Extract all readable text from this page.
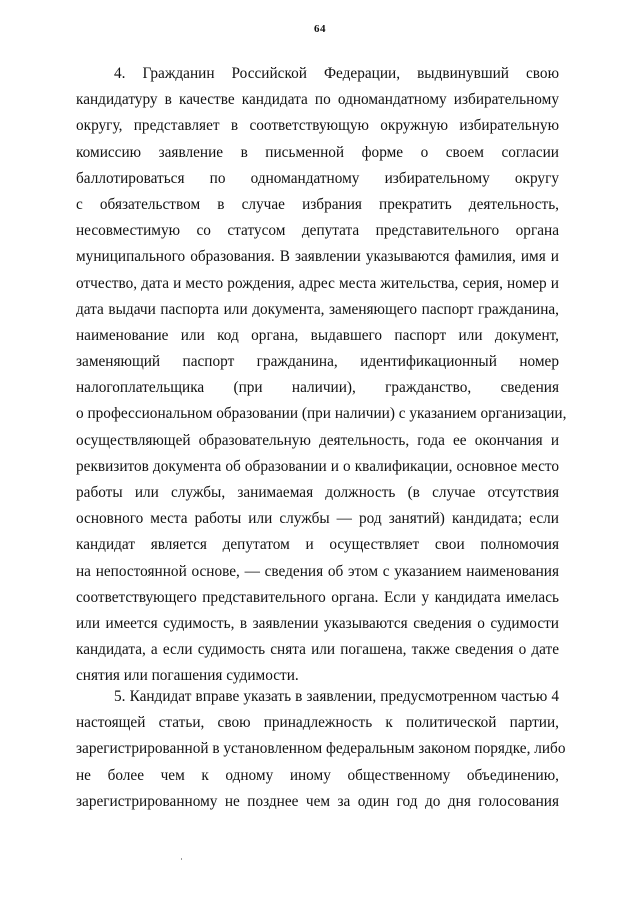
64
4. Гражданин Российской Федерации, выдвинувший свою
кандидатуру в качестве кандидата по одномандатному избирательному
округу, представляет в соответствующую окружную избирательную
комиссию заявление в письменной форме о своем согласии
баллотироваться по одномандатному избирательному округу
с обязательством в случае избрания прекратить деятельность,
несовместимую со статусом депутата представительного органа
муниципального образования. В заявлении указываются фамилия, имя и
отчество, дата и место рождения, адрес места жительства, серия, номер и
дата выдачи паспорта или документа, заменяющего паспорт гражданина,
наименование или код органа, выдавшего паспорт или документ,
заменяющий паспорт гражданина, идентификационный номер
налогоплательщика (при наличии), гражданство, сведения
о профессиональном образовании (при наличии) с указанием организации,
осуществляющей образовательную деятельность, года ее окончания и
реквизитов документа об образовании и о квалификации, основное место
работы или службы, занимаемая должность (в случае отсутствия
основного места работы или службы — род занятий) кандидата; если
кандидат является депутатом и осуществляет свои полномочия
на непостоянной основе, — сведения об этом с указанием наименования
соответствующего представительного органа. Если у кандидата имелась
или имеется судимость, в заявлении указываются сведения о судимости
кандидата, а если судимость снята или погашена, также сведения о дате
снятия или погашения судимости.
5. Кандидат вправе указать в заявлении, предусмотренном частью 4
настоящей статьи, свою принадлежность к политической партии,
зарегистрированной в установленном федеральным законом порядке, либо
не более чем к одному иному общественному объединению,
зарегистрированному не позднее чем за один год до дня голосования
